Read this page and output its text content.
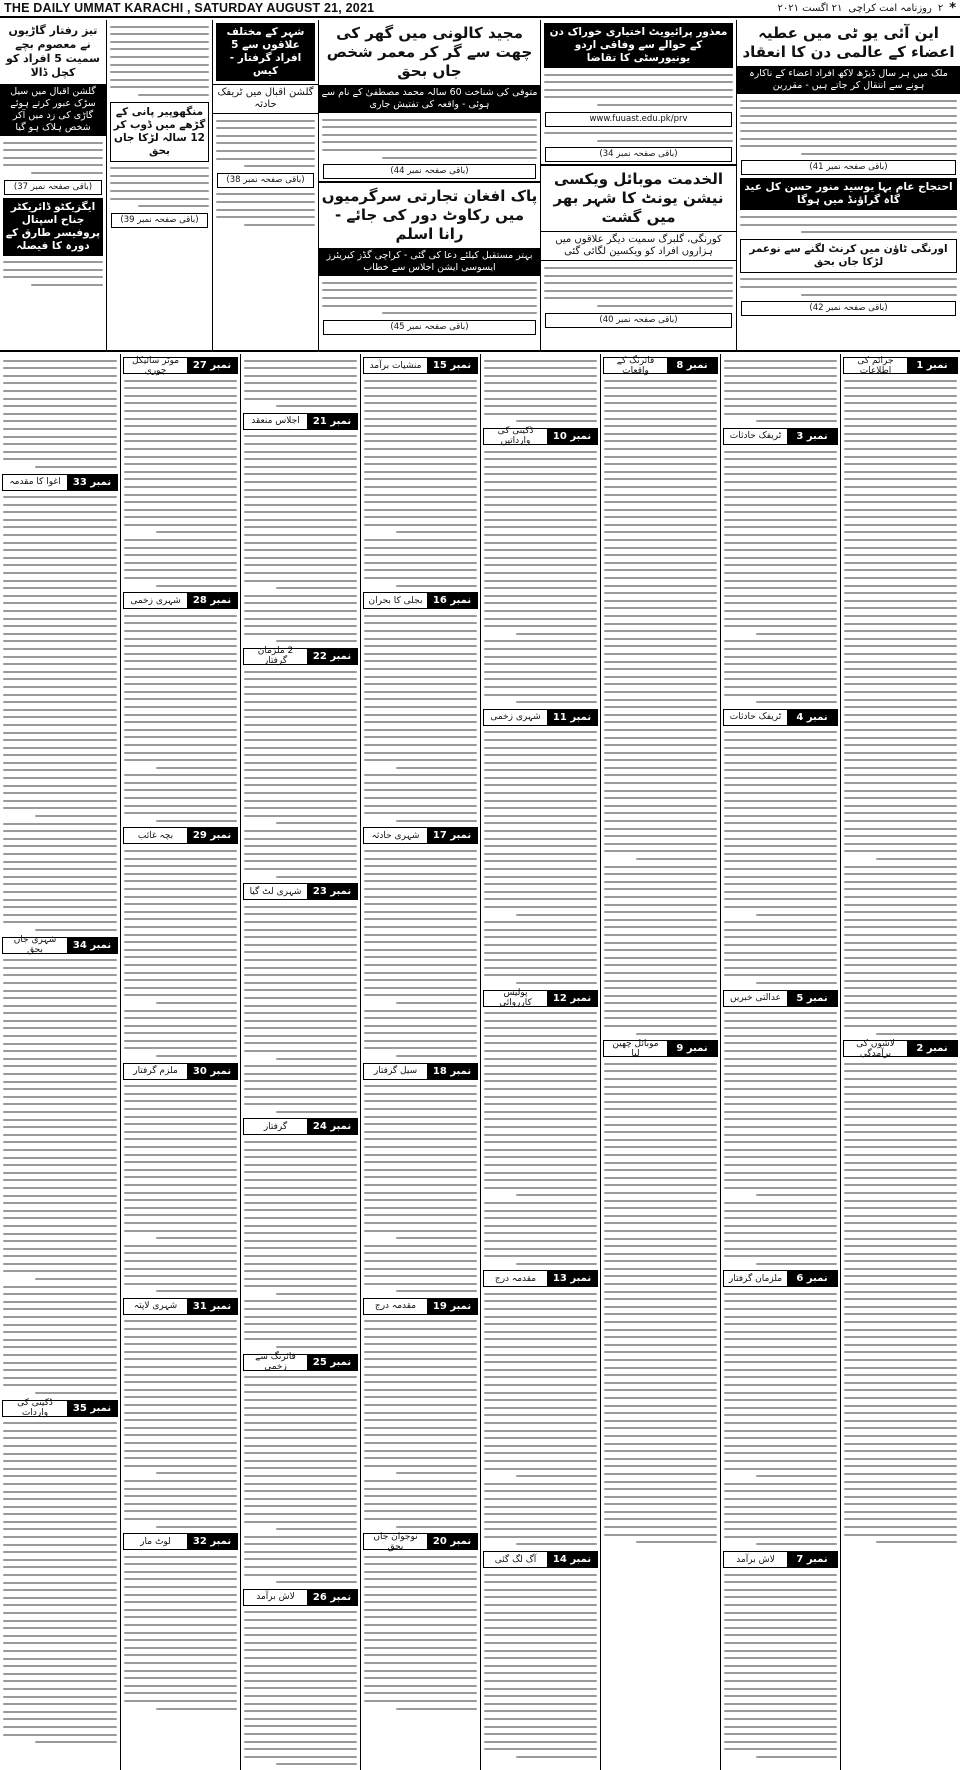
THE DAILY UMMAT KARACHI , SATURDAY AUGUST 21, 2021	*
۲
روزنامہ امت کراچی
۲۱ اگست ۲۰۲۱
این آئی یو ٹی میں عطیہ اعضاء کے عالمی دن کا انعقاد
ملک میں ہر سال ڈیڑھ لاکھ افراد اعضاء کے ناکارہ ہونے سے انتقال کر جاتے ہیں - مقررین
(باقی صفحہ نمبر 41)
احتجاج عام بہا یوسید منور حسن کل عید گاہ گراؤنڈ میں ہوگا
اورنگی ٹاؤن میں کرنٹ لگنے سے نوعمر لڑکا جاں بحق
(باقی صفحہ نمبر 42)
معذور پرائیویٹ اختیاری خوراک دن کے حوالے سے وفاقی اردو یونیورسٹی کا تقاضا
www.fuuast.edu.pk/prv
(باقی صفحہ نمبر 34)
الخدمت موبائل ویکسی نیشن یونٹ کا شہر بھر میں گشت
کورنگی، گلبرگ سمیت دیگر علاقوں میں ہزاروں افراد کو ویکسین لگائی گئی
(باقی صفحہ نمبر 40)
مجید کالونی میں گھر کی چھت سے گر کر معمر شخص جاں بحق
متوفی کی شناخت 60 سالہ محمد مصطفیٰ کے نام سے ہوئی - واقعہ کی تفتیش جاری
(باقی صفحہ نمبر 44)
پاک افغان تجارتی سرگرمیوں میں رکاوٹ دور کی جائے - رانا اسلم
بہتر مستقبل کیلئے دعا کی گئی - کراچی گڈز کیریئرز ایسوسی ایشن اجلاس سے خطاب
(باقی صفحہ نمبر 45)
شہر کے مختلف علاقوں سے 5 افراد گرفتار - کیس
گلشن اقبال میں ٹریفک حادثہ
(باقی صفحہ نمبر 38)
منگھوپیر پانی کے گڑھے میں ڈوب کر 12 سالہ لڑکا جاں بحق
(باقی صفحہ نمبر 39)
تیز رفتار گاڑیوں نے معصوم بچے سمیت 5 افراد کو کچل ڈالا
گلشن اقبال میں سیل سڑک عبور کرتے ہوئے گاڑی کی زد میں آکر شخص ہلاک ہو گیا
(باقی صفحہ نمبر 37)
ایگزیکٹو ڈائریکٹر جناح اسپتال پروفیسر طارق کے دورہ کا فیصلہ
نمبر 1
جرائم کی اطلاعات
نمبر 2
لاشوں کی برآمدگی
نمبر 3
ٹریفک حادثات
نمبر 4
ٹریفک حادثات
نمبر 5
عدالتی خبریں
نمبر 6
ملزمان گرفتار
نمبر 7
لاش برآمد
نمبر 8
فائرنگ کے واقعات
نمبر 9
موبائل چھین لیا
نمبر 10
ڈکیتی کی وارداتیں
نمبر 11
شہری زخمی
نمبر 12
پولیس کارروائی
نمبر 13
مقدمہ درج
نمبر 14
آگ لگ گئی
نمبر 15
منشیات برآمد
نمبر 16
بجلی کا بحران
نمبر 17
شہری حادثہ
نمبر 18
سیل گرفتار
نمبر 19
مقدمہ درج
نمبر 20
نوجوان جاں بحق
نمبر 21
اجلاس منعقد
نمبر 22
2 ملزمان گرفتار
نمبر 23
شہری لٹ گیا
نمبر 24
گرفتار
نمبر 25
فائرنگ سے زخمی
نمبر 26
لاش برآمد
نمبر 27
موٹر سائیکل چوری
نمبر 28
شہری زخمی
نمبر 29
بچہ غائب
نمبر 30
ملزم گرفتار
نمبر 31
شہری لاپتہ
نمبر 32
لوٹ مار
نمبر 33
اغوا کا مقدمہ
نمبر 34
شہری جاں بحق
نمبر 35
ڈکیتی کی واردات
